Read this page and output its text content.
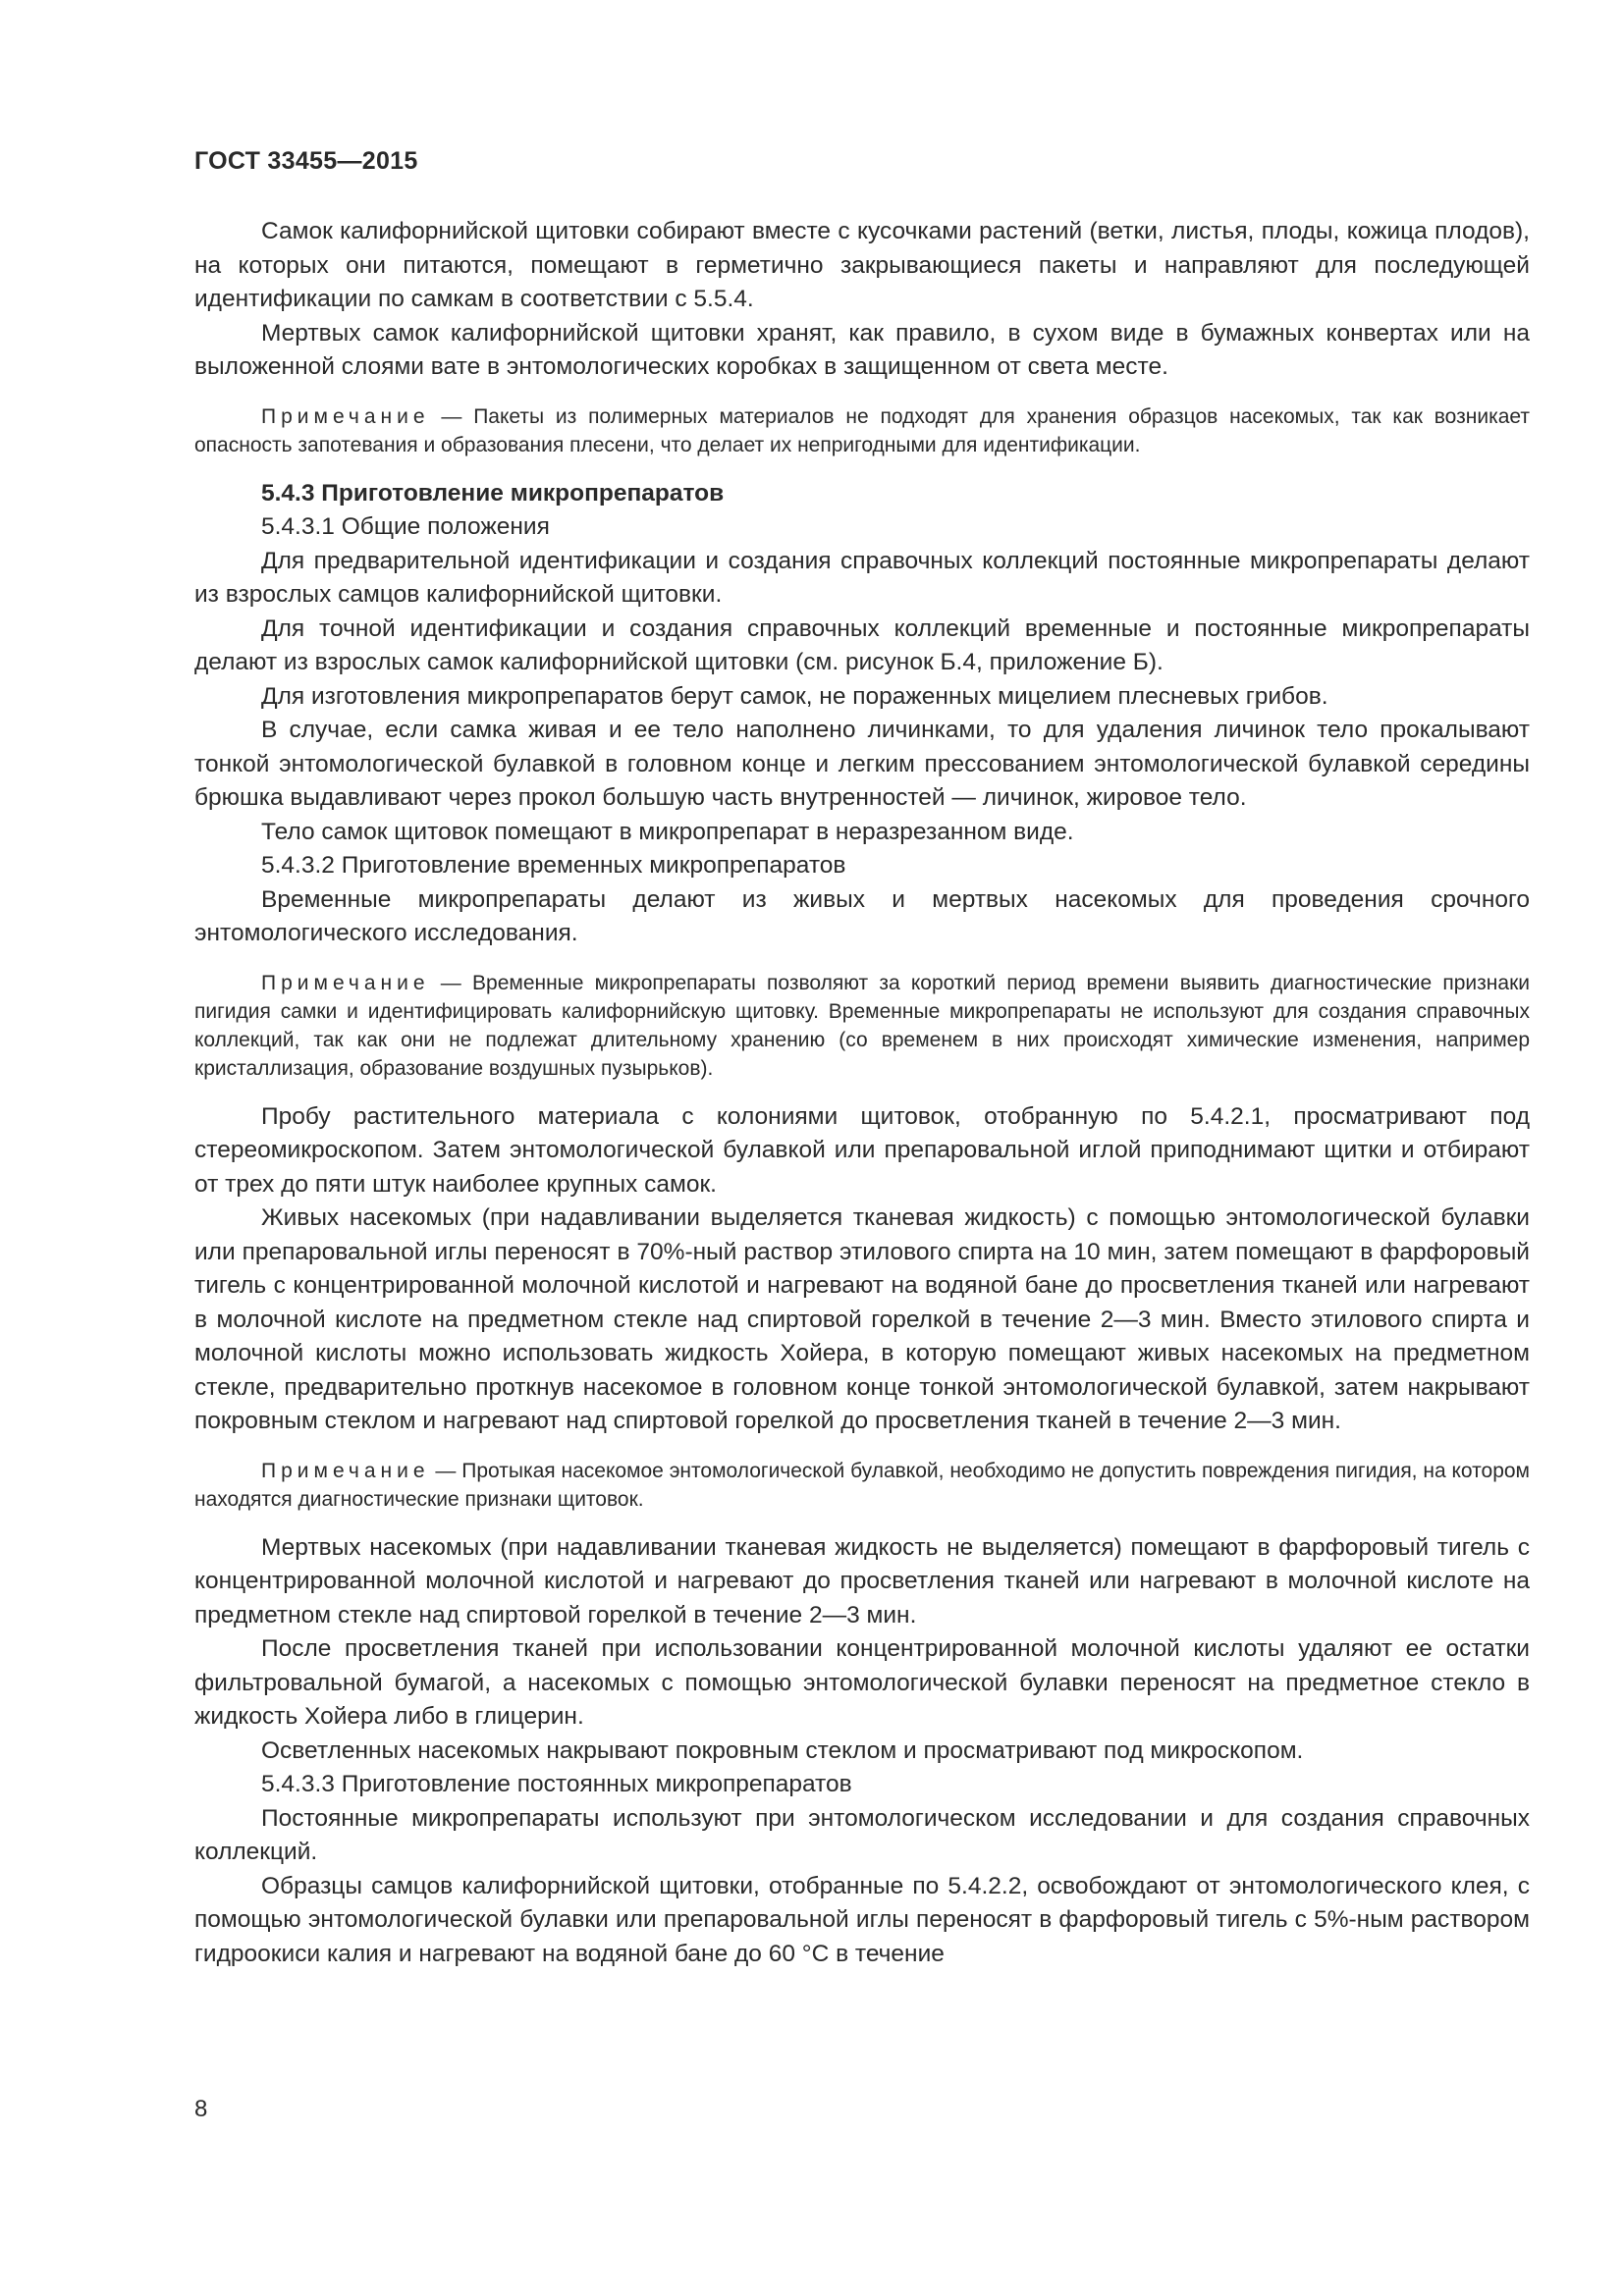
ГОСТ 33455—2015

Самок калифорнийской щитовки собирают вместе с кусочками растений (ветки, листья, плоды, кожица плодов), на которых они питаются, помещают в герметично закрывающиеся пакеты и направляют для последующей идентификации по самкам в соответствии с 5.5.4.

Мертвых самок калифорнийской щитовки хранят, как правило, в сухом виде в бумажных конвертах или на выложенной слоями вате в энтомологических коробках в защищенном от света месте.

Примечание — Пакеты из полимерных материалов не подходят для хранения образцов насекомых, так как возникает опасность запотевания и образования плесени, что делает их непригодными для идентификации.

5.4.3 Приготовление микропрепаратов

5.4.3.1 Общие положения

Для предварительной идентификации и создания справочных коллекций постоянные микропрепараты делают из взрослых самцов калифорнийской щитовки.

Для точной идентификации и создания справочных коллекций временные и постоянные микропрепараты делают из взрослых самок калифорнийской щитовки (см. рисунок Б.4, приложение Б).

Для изготовления микропрепаратов берут самок, не пораженных мицелием плесневых грибов.

В случае, если самка живая и ее тело наполнено личинками, то для удаления личинок тело прокалывают тонкой энтомологической булавкой в головном конце и легким прессованием энтомологической булавкой середины брюшка выдавливают через прокол большую часть внутренностей — личинок, жировое тело.

Тело самок щитовок помещают в микропрепарат в неразрезанном виде.

5.4.3.2 Приготовление временных микропрепаратов

Временные микропрепараты делают из живых и мертвых насекомых для проведения срочного энтомологического исследования.

Примечание — Временные микропрепараты позволяют за короткий период времени выявить диагностические признаки пигидия самки и идентифицировать калифорнийскую щитовку. Временные микропрепараты не используют для создания справочных коллекций, так как они не подлежат длительному хранению (со временем в них происходят химические изменения, например кристаллизация, образование воздушных пузырьков).

Пробу растительного материала с колониями щитовок, отобранную по 5.4.2.1, просматривают под стереомикроскопом. Затем энтомологической булавкой или препаровальной иглой приподнимают щитки и отбирают от трех до пяти штук наиболее крупных самок.

Живых насекомых (при надавливании выделяется тканевая жидкость) с помощью энтомологической булавки или препаровальной иглы переносят в 70%-ный раствор этилового спирта на 10 мин, затем помещают в фарфоровый тигель с концентрированной молочной кислотой и нагревают на водяной бане до просветления тканей или нагревают в молочной кислоте на предметном стекле над спиртовой горелкой в течение 2—3 мин. Вместо этилового спирта и молочной кислоты можно использовать жидкость Хойера, в которую помещают живых насекомых на предметном стекле, предварительно проткнув насекомое в головном конце тонкой энтомологической булавкой, затем накрывают покровным стеклом и нагревают над спиртовой горелкой до просветления тканей в течение 2—3 мин.

Примечание — Протыкая насекомое энтомологической булавкой, необходимо не допустить повреждения пигидия, на котором находятся диагностические признаки щитовок.

Мертвых насекомых (при надавливании тканевая жидкость не выделяется) помещают в фарфоровый тигель с концентрированной молочной кислотой и нагревают до просветления тканей или нагревают в молочной кислоте на предметном стекле над спиртовой горелкой в течение 2—3 мин.

После просветления тканей при использовании концентрированной молочной кислоты удаляют ее остатки фильтровальной бумагой, а насекомых с помощью энтомологической булавки переносят на предметное стекло в жидкость Хойера либо в глицерин.

Осветленных насекомых накрывают покровным стеклом и просматривают под микроскопом.

5.4.3.3 Приготовление постоянных микропрепаратов

Постоянные микропрепараты используют при энтомологическом исследовании и для создания справочных коллекций.

Образцы самцов калифорнийской щитовки, отобранные по 5.4.2.2, освобождают от энтомологического клея, с помощью энтомологической булавки или препаровальной иглы переносят в фарфоровый тигель с 5%-ным раствором гидроокиси калия и нагревают на водяной бане до 60 °С в течение

8
